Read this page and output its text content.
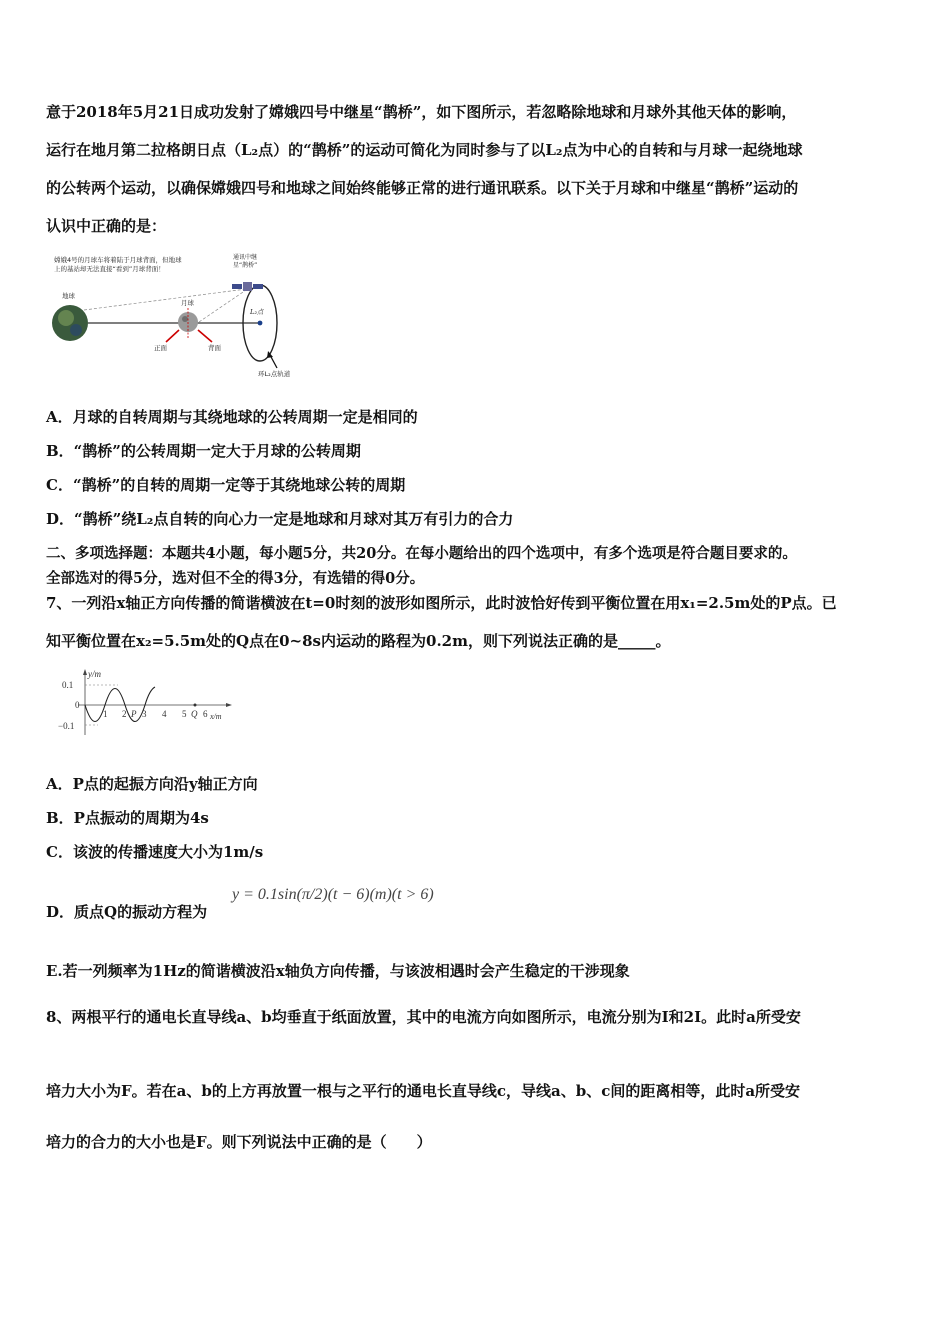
意于2018年5月21日成功发射了嫦娥四号中继星“鹊桥”，如下图所示，若忽略除地球和月球外其他天体的影响，
运行在地月第二拉格朗日点（L₂点）的“鹊桥”的运动可简化为同时参与了以L₂点为中心的自转和与月球一起绕地球
的公转两个运动，以确保嫦娥四号和地球之间始终能够正常的进行通讯联系。以下关于月球和中继星“鹊桥”运动的
认识中正确的是：
嫦娥4号的月球车将着陆于月球背面，但地球
上的基站却无法直接“看到”月球背面！
通讯中继
星“鹊桥”
地球
月球
正面	背面
L₂点
环L₂点轨道
A．月球的自转周期与其绕地球的公转周期一定是相同的
B．“鹊桥”的公转周期一定大于月球的公转周期
C．“鹊桥”的自转的周期一定等于其绕地球公转的周期
D．“鹊桥”绕L₂点自转的向心力一定是地球和月球对其万有引力的合力
二、多项选择题：本题共4小题，每小题5分，共20分。在每小题给出的四个选项中，有多个选项是符合题目要求的。
全部选对的得5分，选对但不全的得3分，有选错的得0分。
7、一列沿x轴正方向传播的简谐横波在t=0时刻的波形如图所示，此时波恰好传到平衡位置在用x₁=2.5m处的P点。已
知平衡位置在x₂=5.5m处的Q点在0~8s内运动的路程为0.2m，则下列说法正确的是_____。
y/m
0.1
0
−0.1
1 2 P 3 4 5 Q 6 x/m
A．P点的起振方向沿y轴正方向
B．P点振动的周期为4s
C．该波的传播速度大小为1m/s
D．质点Q的振动方程为
y = 0.1sin(π/2)(t − 6)(m)(t > 6)
E.若一列频率为1Hz的简谐横波沿x轴负方向传播，与该波相遇时会产生稳定的干涉现象
8、两根平行的通电长直导线a、b均垂直于纸面放置，其中的电流方向如图所示，电流分别为I和2I。此时a所受安
培力大小为F。若在a、b的上方再放置一根与之平行的通电长直导线c，导线a、b、c间的距离相等，此时a所受安
培力的合力的大小也是F。则下列说法中正确的是（　　）
